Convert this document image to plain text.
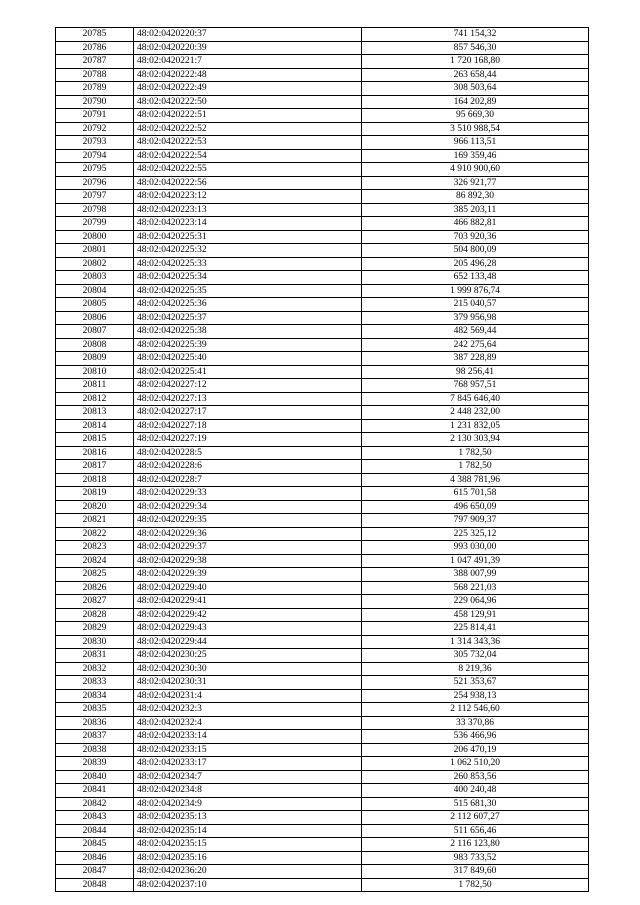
20785	48:02:0420220:37	741 154,32
20786	48:02:0420220:39	857 546,30
20787	48:02:0420221:7	1 720 168,80
20788	48:02:0420222:48	263 658,44
20789	48:02:0420222:49	308 503,64
20790	48:02:0420222:50	164 202,89
20791	48:02:0420222:51	95 669,30
20792	48:02:0420222:52	3 510 988,54
20793	48:02:0420222:53	966 113,51
20794	48:02:0420222:54	169 359,46
20795	48:02:0420222:55	4 910 900,60
20796	48:02:0420222:56	326 921,77
20797	48:02:0420223:12	86 892,30
20798	48:02:0420223:13	385 203,11
20799	48:02:0420223:14	466 882,81
20800	48:02:0420225:31	703 920,36
20801	48:02:0420225:32	504 800,09
20802	48:02:0420225:33	205 496,28
20803	48:02:0420225:34	652 133,48
20804	48:02:0420225:35	1 999 876,74
20805	48:02:0420225:36	215 040,57
20806	48:02:0420225:37	379 956,98
20807	48:02:0420225:38	482 569,44
20808	48:02:0420225:39	242 275,64
20809	48:02:0420225:40	387 228,89
20810	48:02:0420225:41	98 256,41
20811	48:02:0420227:12	768 957,51
20812	48:02:0420227:13	7 845 646,40
20813	48:02:0420227:17	2 448 232,00
20814	48:02:0420227:18	1 231 832,05
20815	48:02:0420227:19	2 130 303,94
20816	48:02:0420228:5	1 782,50
20817	48:02:0420228:6	1 782,50
20818	48:02:0420228:7	4 388 781,96
20819	48:02:0420229:33	615 701,58
20820	48:02:0420229:34	496 650,09
20821	48:02:0420229:35	797 909,37
20822	48:02:0420229:36	225 325,12
20823	48:02:0420229:37	993 030,00
20824	48:02:0420229:38	1 047 491,39
20825	48:02:0420229:39	388 007,99
20826	48:02:0420229:40	568 221,03
20827	48:02:0420229:41	229 064,96
20828	48:02:0420229:42	458 129,91
20829	48:02:0420229:43	225 814,41
20830	48:02:0420229:44	1 314 343,36
20831	48:02:0420230:25	305 732,04
20832	48:02:0420230:30	8 219,36
20833	48:02:0420230:31	521 353,67
20834	48:02:0420231:4	254 938,13
20835	48:02:0420232:3	2 112 546,60
20836	48:02:0420232:4	33 370,86
20837	48:02:0420233:14	536 466,96
20838	48:02:0420233:15	206 470,19
20839	48:02:0420233:17	1 062 510,20
20840	48:02:0420234:7	260 853,56
20841	48:02:0420234:8	400 240,48
20842	48:02:0420234:9	515 681,30
20843	48:02:0420235:13	2 112 607,27
20844	48:02:0420235:14	511 656,46
20845	48:02:0420235:15	2 116 123,80
20846	48:02:0420235:16	983 733,52
20847	48:02:0420236:20	317 849,60
20848	48:02:0420237:10	1 782,50
